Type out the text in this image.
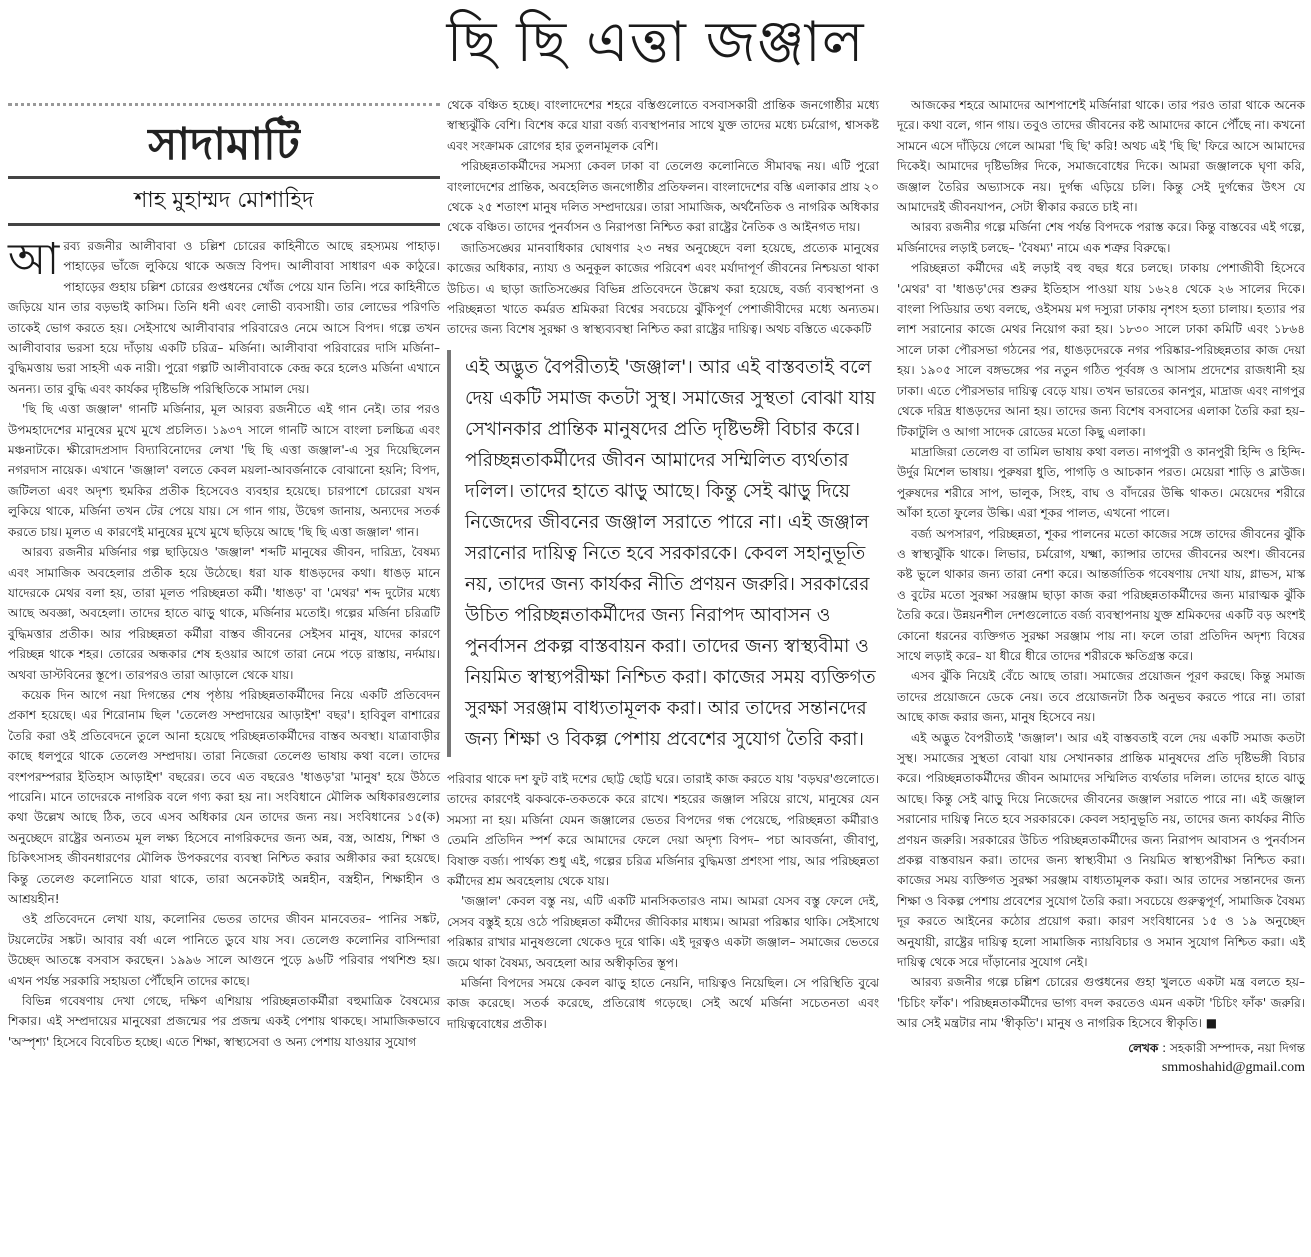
ছি ছি এত্তা জঞ্জাল
সাদামাটি
শাহ মুহাম্মদ মোশাহিদ

আরব্য রজনীর আলীবাবা ও চল্লিশ চোরের কাহিনীতে আছে রহস্যময় পাহাড়। পাহাড়ের ভাঁজে লুকিয়ে থাকে অজস্র বিপদ। আলীবাবা সাধারণ এক কাঠুরে। পাহাড়ের গুহায় চল্লিশ চোরের গুপ্তধনের খোঁজ পেয়ে যান তিনি। পরে কাহিনীতে জড়িয়ে যান তার বড়ভাই কাসিম। তিনি ধনী এবং লোভী ব্যবসায়ী। তার লোভের পরিণতি তাকেই ভোগ করতে হয়। সেইসাথে আলীবাবার পরিবারেও নেমে আসে বিপদ। গল্পে তখন আলীবাবার ভরসা হয়ে দাঁড়ায় একটি চরিত্র– মর্জিনা। আলীবাবা পরিবারের দাসি মর্জিনা– বুদ্ধিমত্তায় ভরা সাহসী এক নারী। পুরো গল্পটি আলীবাবাকে কেন্দ্র করে হলেও মর্জিনা এখানে অনন্য। তার বুদ্ধি এবং কার্যকর দৃষ্টিভঙ্গি পরিস্থিতিকে সামাল দেয়।

'ছি ছি এত্তা জঞ্জাল' গানটি মর্জিনার, মূল আরব্য রজনীতে এই গান নেই। তার পরও উপমহাদেশের মানুষের মুখে মুখে প্রচলিত। ১৯৩৭ সালে গানটি আসে বাংলা চলচ্চিত্র এবং মঞ্চনাটকে। ক্ষীরোদপ্রসাদ বিদ্যাবিনোদের লেখা 'ছি ছি এত্তা জঞ্জাল'-এ সুর দিয়েছিলেন নগরদাস নায়েক। এখানে 'জঞ্জাল' বলতে কেবল ময়লা-আবর্জনাকে বোঝানো হয়নি; বিপদ, জটিলতা এবং অদৃশ্য হুমকির প্রতীক হিসেবেও ব্যবহার হয়েছে। চারপাশে চোরেরা যখন লুকিয়ে থাকে, মর্জিনা তখন টের পেয়ে যায়। সে গান গায়, উদ্বেগ জানায়, অন্যদের সতর্ক করতে চায়। মূলত এ কারণেই মানুষের মুখে মুখে ছড়িয়ে আছে 'ছি ছি এত্তা জঞ্জাল' গান।

আরব্য রজনীর মর্জিনার গল্প ছাড়িয়েও 'জঞ্জাল' শব্দটি মানুষের জীবন, দারিদ্র্য, বৈষম্য এবং সামাজিক অবহেলার প্রতীক হয়ে উঠেছে। ধরা যাক ধাঙড়দের কথা। ধাঙড় মানে যাদেরকে মেথর বলা হয়, তারা মূলত পরিচ্ছন্নতা কর্মী। 'ধাঙড়' বা 'মেথর' শব্দ দুটোর মধ্যে আছে অবজ্ঞা, অবহেলা। তাদের হাতে ঝাড়ু থাকে, মর্জিনার মতোই। গল্পের মর্জিনা চরিত্রটি বুদ্ধিমত্তার প্রতীক। আর পরিচ্ছন্নতা কর্মীরা বাস্তব জীবনের সেইসব মানুষ, যাদের কারণে পরিচ্ছন্ন থাকে শহর। তোরের অন্ধকার শেষ হওয়ার আগে তারা নেমে পড়ে রাস্তায়, নর্দমায়। অথবা ডাস্টবিনের স্তূপে। তারপরও তারা আড়ালে থেকে যায়।

কয়েক দিন আগে নয়া দিগন্তের শেষ পৃষ্ঠায় পরিচ্ছন্নতাকর্মীদের নিয়ে একটি প্রতিবেদন প্রকাশ হয়েছে। এর শিরোনাম ছিল 'তেলেগু সম্প্রদায়ের আড়াইশ' বছর'। হাবিবুল বাশারের তৈরি করা ওই প্রতিবেদনে তুলে আনা হয়েছে পরিচ্ছন্নতাকর্মীদের বাস্তব অবস্থা। যাত্রাবাড়ীর কাছে ধলপুরে থাকে তেলেগু সম্প্রদায়। তারা নিজেরা তেলেগু ভাষায় কথা বলে। তাদের বংশপরম্পরার ইতিহাস আড়াইশ' বছরের। তবে এত বছরেও 'ধাঙড়'রা 'মানুষ' হয়ে উঠতে পারেনি। মানে তাদেরকে নাগরিক বলে গণ্য করা হয় না। সংবিধানে মৌলিক অধিকারগুলোর কথা উল্লেখ আছে ঠিক, তবে এসব অধিকার যেন তাদের জন্য নয়। সংবিধানের ১৫(ক) অনুচ্ছেদে রাষ্ট্রের অন্যতম মূল লক্ষ্য হিসেবে নাগরিকদের জন্য অন্ন, বস্ত্র, আশ্রয়, শিক্ষা ও চিকিৎসাসহ জীবনধারণের মৌলিক উপকরণের ব্যবস্থা নিশ্চিত করার অঙ্গীকার করা হয়েছে। কিন্তু তেলেগু কলোনিতে যারা থাকে, তারা অনেকটাই অন্নহীন, বস্ত্রহীন, শিক্ষাহীন ও আশ্রয়হীন!

ওই প্রতিবেদনে লেখা যায়, কলোনির ভেতর তাদের জীবন মানবেতর– পানির সঙ্কট, টয়লেটের সঙ্কট। আবার বর্ষা এলে পানিতে ডুবে যায় সব। তেলেগু কলোনির বাসিন্দারা উচ্ছেদ আতঙ্কে বসবাস করছেন। ১৯৯৬ সালে আগুনে পুড়ে ৯৬টি পরিবার পথশিশু হয়। এখন পর্যন্ত সরকারি সহায়তা পৌঁছেনি তাদের কাছে।

বিভিন্ন গবেষণায় দেখা গেছে, দক্ষিণ এশিয়ায় পরিচ্ছন্নতাকর্মীরা বহুমাত্রিক বৈষম্যের শিকার। এই সম্প্রদায়ের মানুষেরা প্রজন্মের পর প্রজন্ম একই পেশায় থাকছে। সামাজিকভাবে 'অস্পৃশ্য' হিসেবে বিবেচিত হচ্ছে। এতে শিক্ষা, স্বাস্থ্যসেবা ও অন্য পেশায় যাওয়ার সুযোগ

থেকে বঞ্চিত হচ্ছে। বাংলাদেশের শহরে বস্তিগুলোতে বসবাসকারী প্রান্তিক জনগোষ্ঠীর মধ্যে স্বাস্থ্যঝুঁকি বেশি। বিশেষ করে যারা বর্জ্য ব্যবস্থাপনার সাথে যুক্ত তাদের মধ্যে চর্মরোগ, শ্বাসকষ্ট এবং সংক্রামক রোগের হার তুলনামূলক বেশি।

পরিচ্ছন্নতাকর্মীদের সমস্যা কেবল ঢাকা বা তেলেগু কলোনিতে সীমাবদ্ধ নয়। এটি পুরো বাংলাদেশের প্রান্তিক, অবহেলিত জনগোষ্ঠীর প্রতিফলন। বাংলাদেশের বস্তি এলাকার প্রায় ২০ থেকে ২৫ শতাংশ মানুষ দলিত সম্প্রদায়ের। তারা সামাজিক, অর্থনৈতিক ও নাগরিক অধিকার থেকে বঞ্চিত। তাদের পুনর্বাসন ও নিরাপত্তা নিশ্চিত করা রাষ্ট্রের নৈতিক ও আইনগত দায়।

জাতিসঙ্ঘের মানবাধিকার ঘোষণার ২৩ নম্বর অনুচ্ছেদে বলা হয়েছে, প্রত্যেক মানুষের কাজের অধিকার, ন্যায্য ও অনুকূল কাজের পরিবেশ এবং মর্যাদাপূর্ণ জীবনের নিশ্চয়তা থাকা উচিত। এ ছাড়া জাতিসঙ্ঘের বিভিন্ন প্রতিবেদনে উল্লেখ করা হয়েছে, বর্জ্য ব্যবস্থাপনা ও পরিচ্ছন্নতা খাতে কর্মরত শ্রমিকরা বিশ্বের সবচেয়ে ঝুঁকিপূর্ণ পেশাজীবীদের মধ্যে অন্যতম। তাদের জন্য বিশেষ সুরক্ষা ও স্বাস্থ্যব্যবস্থা নিশ্চিত করা রাষ্ট্রের দায়িত্ব। অথচ বস্তিতে একেকটি

এই অদ্ভুত বৈপরীত্যই 'জঞ্জাল'। আর এই বাস্তবতাই বলে দেয় একটি সমাজ কতটা সুস্থ। সমাজের সুস্থতা বোঝা যায় সেখানকার প্রান্তিক মানুষদের প্রতি দৃষ্টিভঙ্গী বিচার করে। পরিচ্ছন্নতাকর্মীদের জীবন আমাদের সম্মিলিত ব্যর্থতার দলিল। তাদের হাতে ঝাড়ু আছে। কিন্তু সেই ঝাড়ু দিয়ে নিজেদের জীবনের জঞ্জাল সরাতে পারে না। এই জঞ্জাল সরানোর দায়িত্ব নিতে হবে সরকারকে। কেবল সহানুভূতি নয়, তাদের জন্য কার্যকর নীতি প্রণয়ন জরুরি। সরকারের উচিত পরিচ্ছন্নতাকর্মীদের জন্য নিরাপদ আবাসন ও পুনর্বাসন প্রকল্প বাস্তবায়ন করা। তাদের জন্য স্বাস্থ্যবীমা ও নিয়মিত স্বাস্থ্যপরীক্ষা নিশ্চিত করা। কাজের সময় ব্যক্তিগত সুরক্ষা সরঞ্জাম বাধ্যতামূলক করা। আর তাদের সন্তানদের জন্য শিক্ষা ও বিকল্প পেশায় প্রবেশের সুযোগ তৈরি করা।

পরিবার থাকে দশ ফুট বাই দশের ছোট্ট ছোট্ট ঘরে। তারাই কাজ করতে যায় 'বড়ঘর'গুলোতে। তাদের কারণেই ঝকঝকে-তকতকে করে রাখে। শহরের জঞ্জাল সরিয়ে রাখে, মানুষের যেন সমস্যা না হয়। মর্জিনা যেমন জঞ্জালের ভেতর বিপদের গন্ধ পেয়েছে, পরিচ্ছন্নতা কর্মীরাও তেমনি প্রতিদিন স্পর্শ করে আমাদের ফেলে দেয়া অদৃশ্য বিপদ– পচা আবর্জনা, জীবাণু, বিষাক্ত বর্জ্য। পার্থক্য শুধু এই, গল্পের চরিত্র মর্জিনার বুদ্ধিমত্তা প্রশংসা পায়, আর পরিচ্ছন্নতা কর্মীদের শ্রম অবহেলায় থেকে যায়।

'জঞ্জাল' কেবল বস্তু নয়, এটি একটি মানসিকতারও নাম। আমরা যেসব বস্তু ফেলে দেই, সেসব বস্তুই হয়ে ওঠে পরিচ্ছন্নতা কর্মীদের জীবিকার মাধ্যম। আমরা পরিষ্কার থাকি। সেইসাথে পরিষ্কার রাখার মানুষগুলো থেকেও দূরে থাকি। এই দূরত্বও একটা জঞ্জাল– সমাজের ভেতরে জমে থাকা বৈষম্য, অবহেলা আর অস্বীকৃতির স্তূপ।

মর্জিনা বিপদের সময়ে কেবল ঝাড়ু হাতে নেয়নি, দায়িত্বও নিয়েছিল। সে পরিস্থিতি বুঝে কাজ করেছে। সতর্ক করেছে, প্রতিরোধ গড়েছে। সেই অর্থে মর্জিনা সচেতনতা এবং দায়িত্ববোধের প্রতীক।

আজকের শহরে আমাদের আশপাশেই মর্জিনারা থাকে। তার পরও তারা থাকে অনেক দূরে। কথা বলে, গান গায়। তবুও তাদের জীবনের কষ্ট আমাদের কানে পৌঁছে না। কখনো সামনে এসে দাঁড়িয়ে গেলে আমরা 'ছি ছি' করি! অথচ এই 'ছি ছি' ফিরে আসে আমাদের দিকেই। আমাদের দৃষ্টিভঙ্গির দিকে, সমাজবোধের দিকে। আমরা জঞ্জালকে ঘৃণা করি, জঞ্জাল তৈরির অভ্যাসকে নয়। দুর্গন্ধ এড়িয়ে চলি। কিন্তু সেই দুর্গন্ধের উৎস যে আমাদেরই জীবনযাপন, সেটা স্বীকার করতে চাই না।

আরব্য রজনীর গল্পে মর্জিনা শেষ পর্যন্ত বিপদকে পরাস্ত করে। কিন্তু বাস্তবের এই গল্পে, মর্জিনাদের লড়াই চলছে– 'বৈষম্য' নামে এক শত্রুর বিরুদ্ধে।

পরিচ্ছন্নতা কর্মীদের এই লড়াই বহু বছর ধরে চলছে। ঢাকায় পেশাজীবী হিসেবে 'মেথর' বা 'ধাঙড়'দের শুরুর ইতিহাস পাওয়া যায় ১৬২৪ থেকে ২৬ সালের দিকে। বাংলা পিডিয়ার তথ্য বলছে, ওইসময় মগ দস্যুরা ঢাকায় নৃশংস হত্যা চালায়। হত্যার পর লাশ সরানোর কাজে মেথর নিয়োগ করা হয়। ১৮৩০ সালে ঢাকা কমিটি এবং ১৮৬৪ সালে ঢাকা পৌরসভা গঠনের পর, ধাঙড়দেরকে নগর পরিষ্কার-পরিচ্ছন্নতার কাজ দেয়া হয়। ১৯০৫ সালে বঙ্গভঙ্গের পর নতুন গঠিত পূর্ববঙ্গ ও আসাম প্রদেশের রাজধানী হয় ঢাকা। এতে পৌরসভার দায়িত্ব বেড়ে যায়। তখন ভারতের কানপুর, মাদ্রাজ এবং নাগপুর থেকে দরিদ্র ধাঙড়দের আনা হয়। তাদের জন্য বিশেষ বসবাসের এলাকা তৈরি করা হয়– টিকাটুলি ও আগা সাদেক রোডের মতো কিছু এলাকা।

মাদ্রাজিরা তেলেগু বা তামিল ভাষায় কথা বলত। নাগপুরী ও কানপুরী হিন্দি ও হিন্দি-উর্দুর মিশেল ভাষায়। পুরুষরা ধুতি, পাগড়ি ও আচকান পরত। মেয়েরা শাড়ি ও ব্লাউজ। পুরুষদের শরীরে সাপ, ভালুক, সিংহ, বাঘ ও বাঁদরের উল্কি থাকত। মেয়েদের শরীরে আঁকা হতো ফুলের উল্কি। এরা শূকর পালত, এখনো পালে।

বর্জ্য অপসারণ, পরিচ্ছন্নতা, শূকর পালনের মতো কাজের সঙ্গে তাদের জীবনের ঝুঁকি ও স্বাস্থ্যঝুঁকি থাকে। লিভার, চর্মরোগ, যক্ষ্মা, ক্যান্সার তাদের জীবনের অংশ। জীবনের কষ্ট ভুলে থাকার জন্য তারা নেশা করে। আন্তর্জাতিক গবেষণায় দেখা যায়, গ্লাভস, মাস্ক ও বুটের মতো সুরক্ষা সরঞ্জাম ছাড়া কাজ করা পরিচ্ছন্নতাকর্মীদের জন্য মারাত্মক ঝুঁকি তৈরি করে। উন্নয়নশীল দেশগুলোতে বর্জ্য ব্যবস্থাপনায় যুক্ত শ্রমিকদের একটি বড় অংশই কোনো ধরনের ব্যক্তিগত সুরক্ষা সরঞ্জাম পায় না। ফলে তারা প্রতিদিন অদৃশ্য বিষের সাথে লড়াই করে– যা ধীরে ধীরে তাদের শরীরকে ক্ষতিগ্রস্ত করে।

এসব ঝুঁকি নিয়েই বেঁচে আছে তারা। সমাজের প্রয়োজন পূরণ করছে। কিন্তু সমাজ তাদের প্রয়োজনে ডেকে নেয়। তবে প্রয়োজনটা ঠিক অনুভব করতে পারে না। তারা আছে কাজ করার জন্য, মানুষ হিসেবে নয়।

এই অদ্ভুত বৈপরীত্যই 'জঞ্জাল'। আর এই বাস্তবতাই বলে দেয় একটি সমাজ কতটা সুস্থ। সমাজের সুস্থতা বোঝা যায় সেখানকার প্রান্তিক মানুষদের প্রতি দৃষ্টিভঙ্গী বিচার করে। পরিচ্ছন্নতাকর্মীদের জীবন আমাদের সম্মিলিত ব্যর্থতার দলিল। তাদের হাতে ঝাড়ু আছে। কিন্তু সেই ঝাড়ু দিয়ে নিজেদের জীবনের জঞ্জাল সরাতে পারে না। এই জঞ্জাল সরানোর দায়িত্ব নিতে হবে সরকারকে। কেবল সহানুভূতি নয়, তাদের জন্য কার্যকর নীতি প্রণয়ন জরুরি। সরকারের উচিত পরিচ্ছন্নতাকর্মীদের জন্য নিরাপদ আবাসন ও পুনর্বাসন প্রকল্প বাস্তবায়ন করা। তাদের জন্য স্বাস্থ্যবীমা ও নিয়মিত স্বাস্থ্যপরীক্ষা নিশ্চিত করা। কাজের সময় ব্যক্তিগত সুরক্ষা সরঞ্জাম বাধ্যতামূলক করা। আর তাদের সন্তানদের জন্য শিক্ষা ও বিকল্প পেশায় প্রবেশের সুযোগ তৈরি করা। সবচেয়ে গুরুত্বপূর্ণ, সামাজিক বৈষম্য দূর করতে আইনের কঠোর প্রয়োগ করা। কারণ সংবিধানের ১৫ ও ১৯ অনুচ্ছেদ অনুযায়ী, রাষ্ট্রের দায়িত্ব হলো সামাজিক ন্যায়বিচার ও সমান সুযোগ নিশ্চিত করা। এই দায়িত্ব থেকে সরে দাঁড়ানোর সুযোগ নেই।

আরব্য রজনীর গল্পে চল্লিশ চোরের গুপ্তধনের গুহা খুলতে একটা মন্ত্র বলতে হয়– 'চিচিং ফাঁক'। পরিচ্ছন্নতাকর্মীদের ভাগ্য বদল করতেও এমন একটা 'চিচিং ফাঁক' জরুরি। আর সেই মন্ত্রটার নাম 'স্বীকৃতি'। মানুষ ও নাগরিক হিসেবে স্বীকৃতি। ■

লেখক : সহকারী সম্পাদক, নয়া দিগন্ত
smmoshahid@gmail.com
